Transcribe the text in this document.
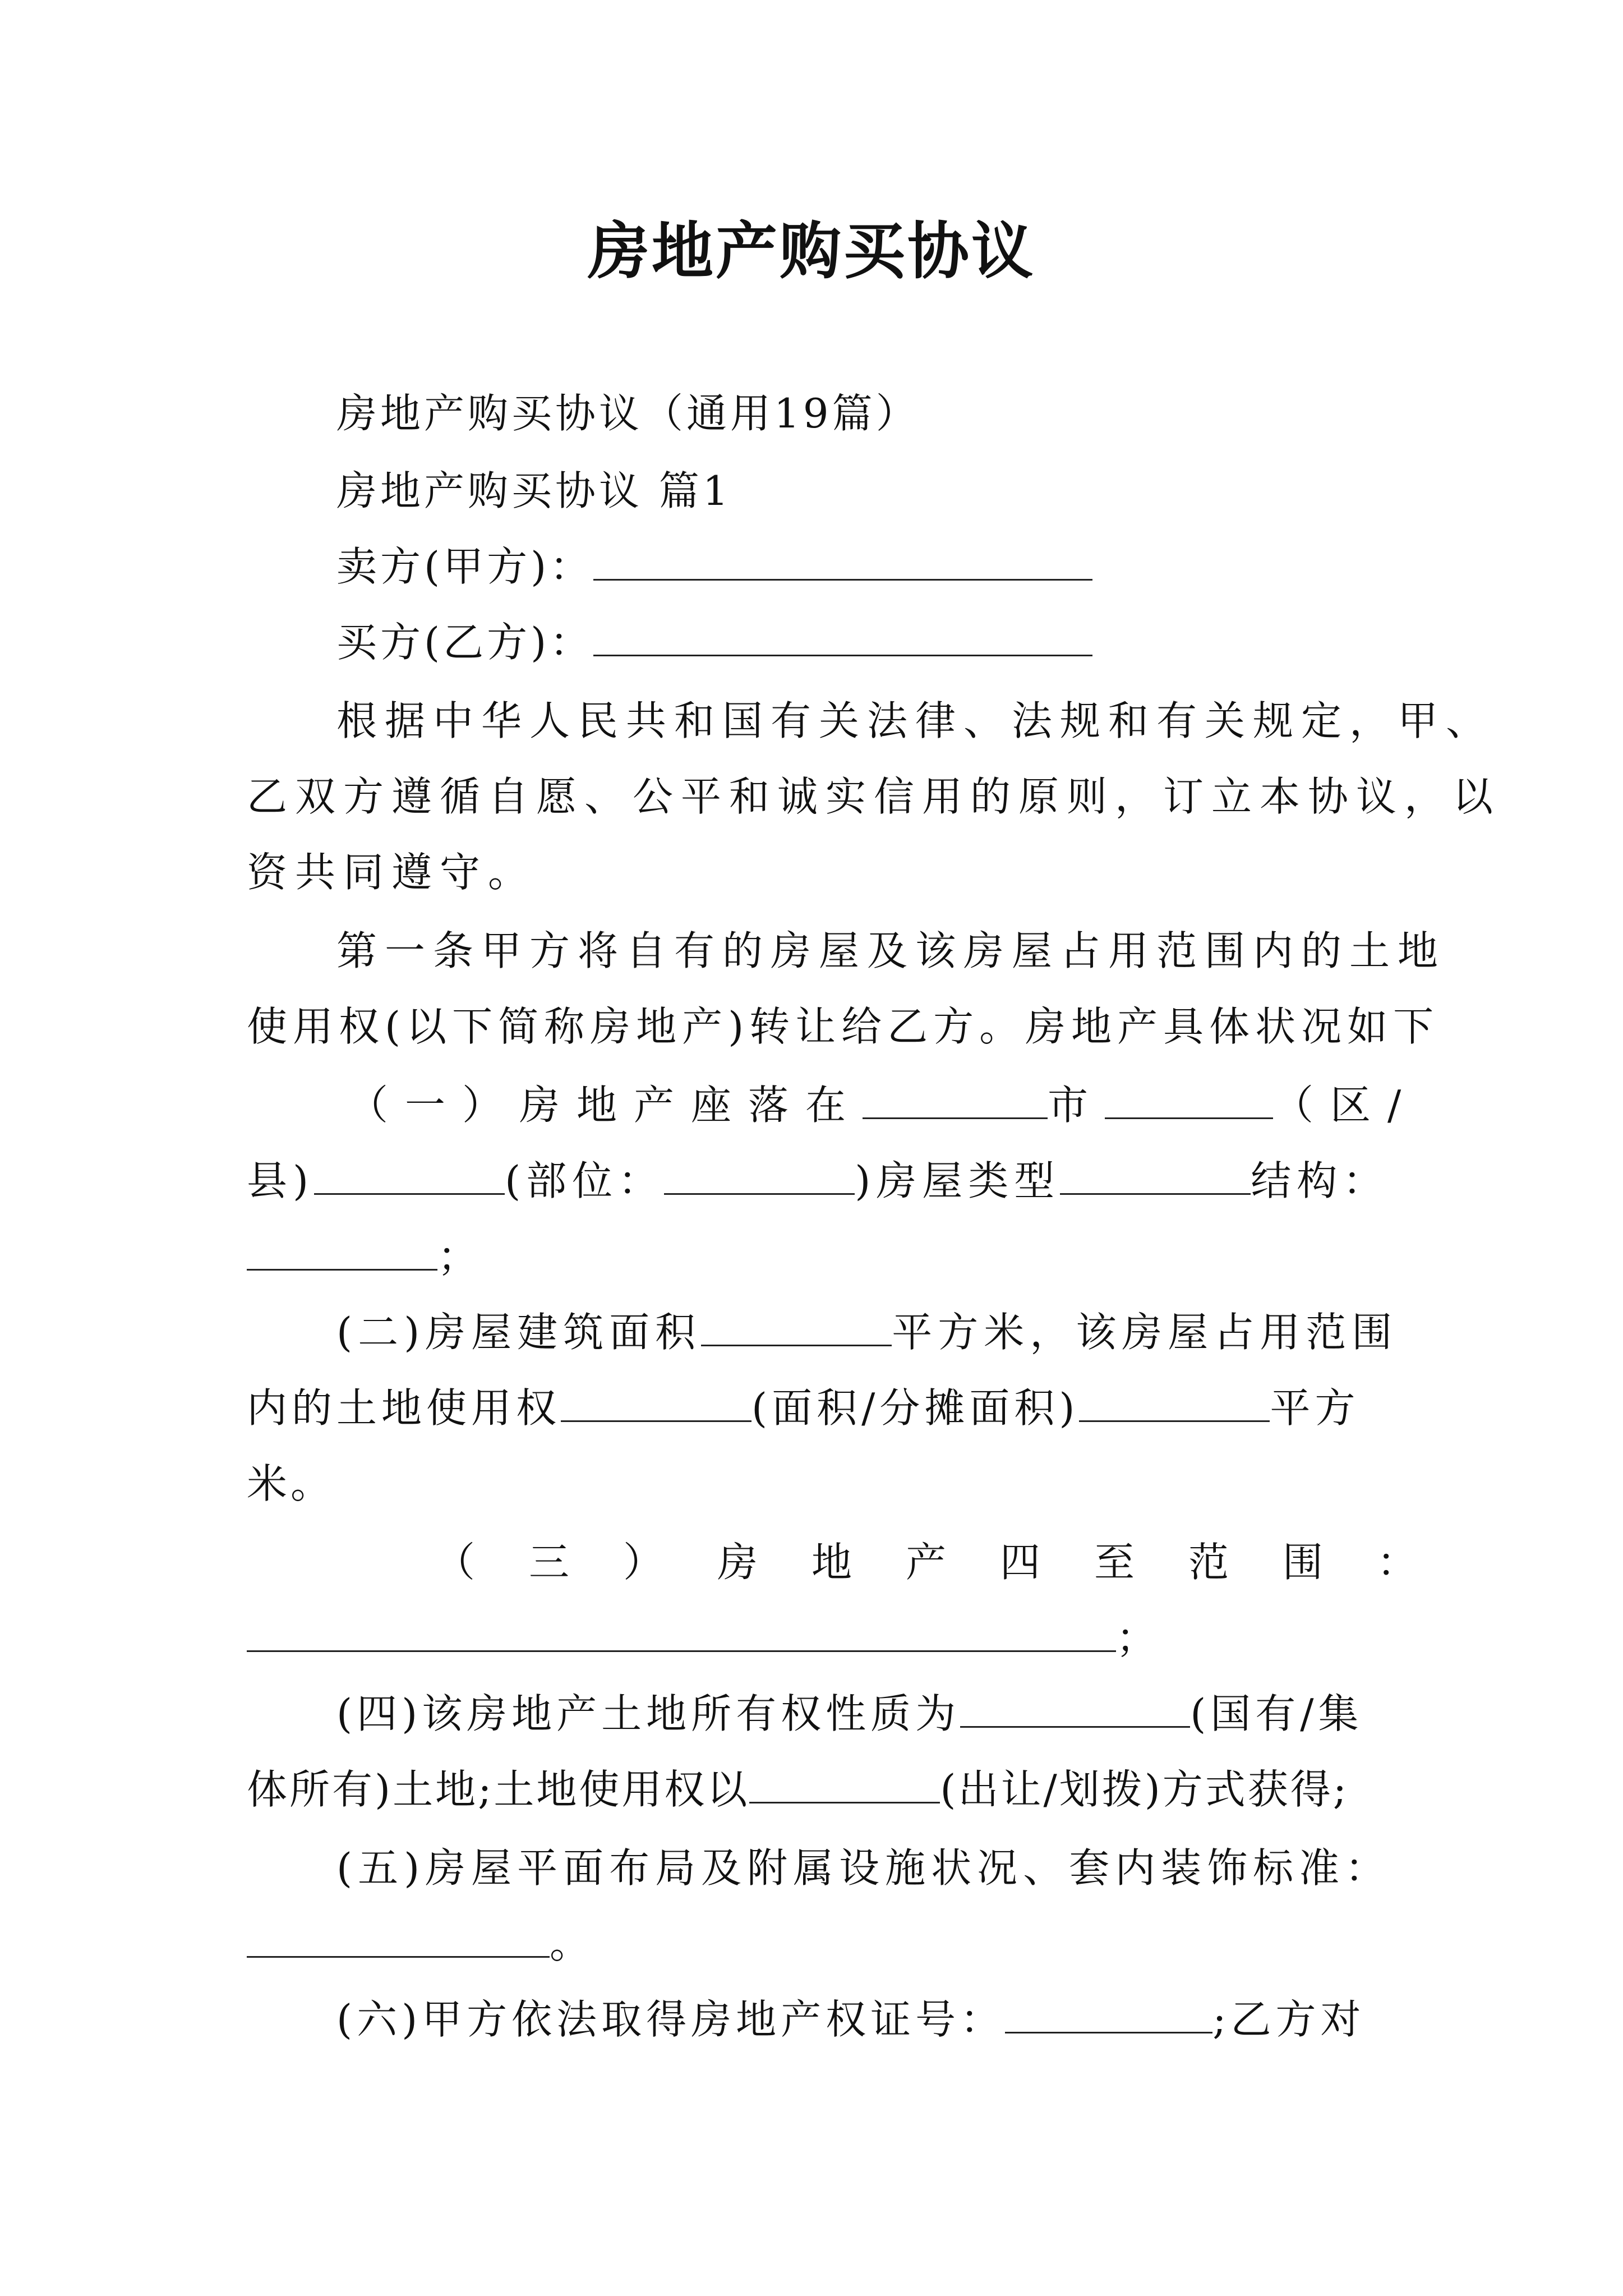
房地产购买协议
房地产购买协议（通用19篇）
房地产购买协议 篇1
卖方(甲方)：
买方(乙方)：
根据中华人民共和国有关法律、法规和有关规定，甲、
乙双方遵循自愿、公平和诚实信用的原则，订立本协议，以
资共同遵守。
第一条甲方将自有的房屋及该房屋占用范围内的土地
使用权(以下简称房地产)转让给乙方。房地产具体状况如下
（一）房地产座落在	市	（区/
县)	(部位：	)房屋类型	结构：
；
(二)房屋建筑面积	平方米，该房屋占用范围
内的土地使用权	(面积/分摊面积)	平方
米。
（三）房地产四至范围：
；
(四)该房地产土地所有权性质为	(国有/集
体所有)土地;土地使用权以	(出让/划拨)方式获得;
(五)房屋平面布局及附属设施状况、套内装饰标准：
。
(六)甲方依法取得房地产权证号：	;乙方对
